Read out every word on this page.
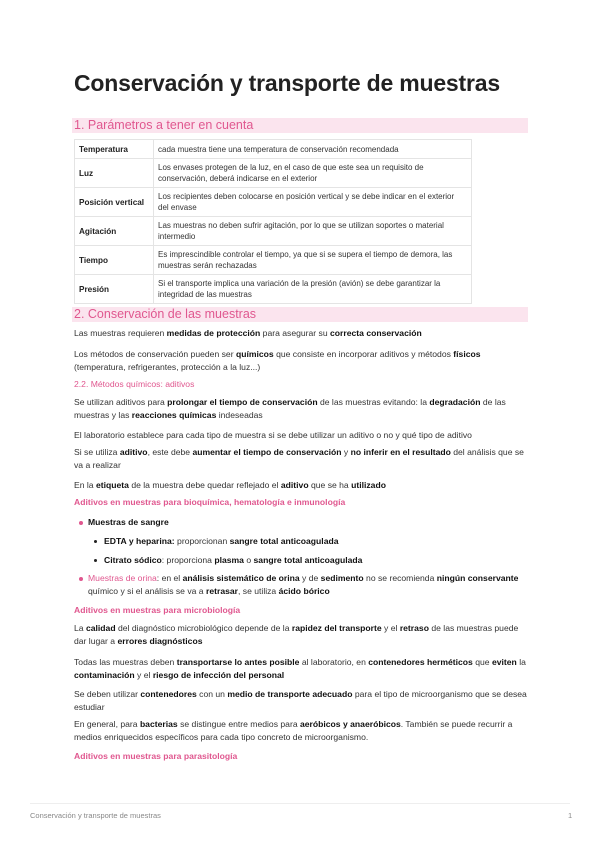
Conservación y transporte de muestras
1. Parámetros a tener en cuenta
Temperatura	cada muestra tiene una temperatura de conservación recomendada
Luz	Los envases protegen de la luz, en el caso de que este sea un requisito de conservación, deberá indicarse en el exterior
Posición vertical	Los recipientes deben colocarse en posición vertical y se debe indicar en el exterior del envase
Agitación	Las muestras no deben sufrir agitación, por lo que se utilizan soportes o material intermedio
Tiempo	Es imprescindible controlar el tiempo, ya que si se supera el tiempo de demora, las muestras serán rechazadas
Presión	Si el transporte implica una variación de la presión (avión) se debe garantizar la integridad de las muestras
2. Conservación de las muestras
Las muestras requieren medidas de protección para asegurar su correcta conservación
Los métodos de conservación pueden ser químicos que consiste en incorporar aditivos y métodos físicos (temperatura, refrigerantes, protección a la luz...)
2.2. Métodos químicos: aditivos
Se utilizan aditivos para prolongar el tiempo de conservación de las muestras evitando: la degradación de las muestras y las reacciones químicas indeseadas
El laboratorio establece para cada tipo de muestra si se debe utilizar un aditivo o no y qué tipo de aditivo
Si se utiliza aditivo, este debe aumentar el tiempo de conservación y no inferir en el resultado del análisis que se va a realizar
En la etiqueta de la muestra debe quedar reflejado el aditivo que se ha utilizado
Aditivos en muestras para bioquímica, hematología e inmunología
Muestras de sangre
EDTA y heparina: proporcionan sangre total anticoagulada
Citrato sódico: proporciona plasma o sangre total anticoagulada
Muestras de orina: en el análisis sistemático de orina y de sedimento no se recomienda ningún conservante químico y si el análisis se va a retrasar, se utiliza ácido bórico
Aditivos en muestras para microbiología
La calidad del diagnóstico microbiológico depende de la rapidez del transporte y el retraso de las muestras puede dar lugar a errores diagnósticos
Todas las muestras deben transportarse lo antes posible al laboratorio, en contenedores herméticos que eviten la contaminación y el riesgo de infección del personal
Se deben utilizar contenedores con un medio de transporte adecuado para el tipo de microorganismo que se desea estudiar
En general, para bacterias se distingue entre medios para aeróbicos y anaeróbicos. También se puede recurrir a medios enriquecidos específicos para cada tipo concreto de microorganismo.
Aditivos en muestras para parasitología
Conservación y transporte de muestras	1
